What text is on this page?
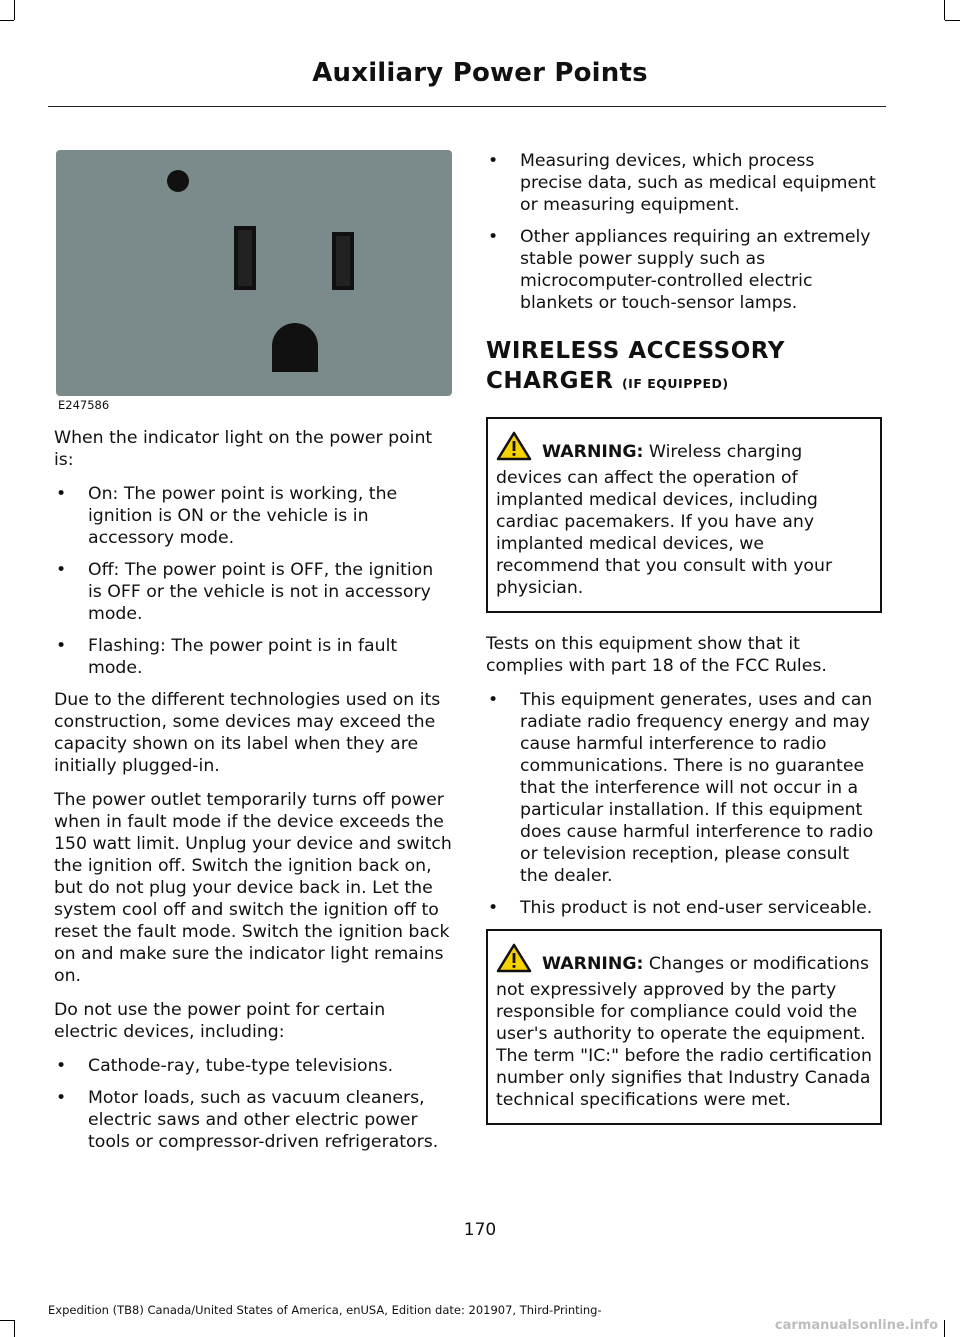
Auxiliary Power Points
E247586

When the indicator light on the power point is:

• On: The power point is working, the ignition is ON or the vehicle is in accessory mode.
• Off: The power point is OFF, the ignition is OFF or the vehicle is not in accessory mode.
• Flashing: The power point is in fault mode.

Due to the different technologies used on its construction, some devices may exceed the capacity shown on its label when they are initially plugged-in.

The power outlet temporarily turns off power when in fault mode if the device exceeds the 150 watt limit. Unplug your device and switch the ignition off. Switch the ignition back on, but do not plug your device back in. Let the system cool off and switch the ignition off to reset the fault mode. Switch the ignition back on and make sure the indicator light remains on.

Do not use the power point for certain electric devices, including:

• Cathode-ray, tube-type televisions.
• Motor loads, such as vacuum cleaners, electric saws and other electric power tools or compressor-driven refrigerators.
• Measuring devices, which process precise data, such as medical equipment or measuring equipment.
• Other appliances requiring an extremely stable power supply such as microcomputer-controlled electric blankets or touch-sensor lamps.
WIRELESS ACCESSORY CHARGER (IF EQUIPPED)
WARNING: Wireless charging devices can affect the operation of implanted medical devices, including cardiac pacemakers. If you have any implanted medical devices, we recommend that you consult with your physician.

Tests on this equipment show that it complies with part 18 of the FCC Rules.

• This equipment generates, uses and can radiate radio frequency energy and may cause harmful interference to radio communications. There is no guarantee that the interference will not occur in a particular installation. If this equipment does cause harmful interference to radio or television reception, please consult the dealer.
• This product is not end-user serviceable.
WARNING: Changes or modifications not expressively approved by the party responsible for compliance could void the user's authority to operate the equipment. The term "IC:" before the radio certification number only signifies that Industry Canada technical specifications were met.
170
Expedition (TB8) Canada/United States of America, enUSA, Edition date: 201907, Third-Printing-
carmanualsonline.info
